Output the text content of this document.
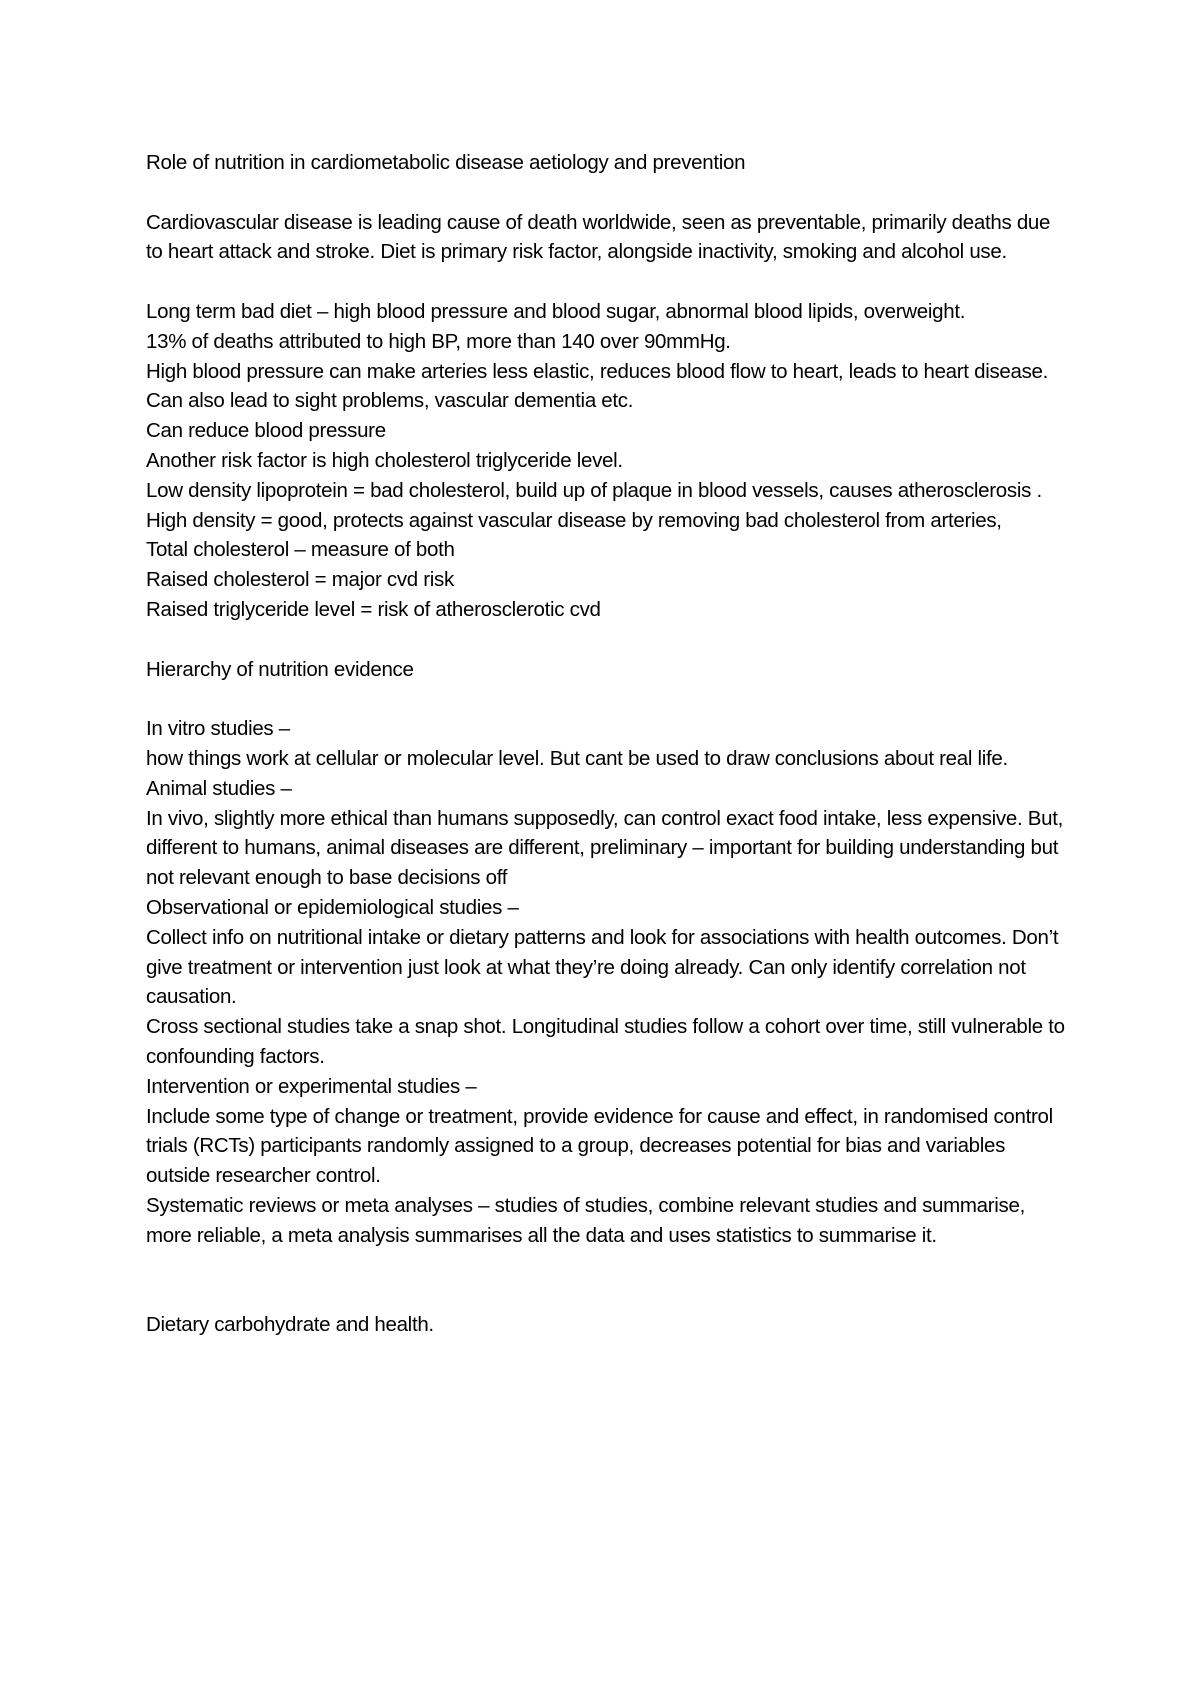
Role of nutrition in cardiometabolic disease aetiology and prevention
Cardiovascular disease is leading cause of death worldwide, seen as preventable, primarily deaths due to heart attack and stroke. Diet is primary risk factor, alongside inactivity, smoking and alcohol use.
Long term bad diet – high blood pressure and blood sugar, abnormal blood lipids, overweight.
13% of deaths attributed to high BP, more than 140 over 90mmHg.
High blood pressure can make arteries less elastic, reduces blood flow to heart, leads to heart disease. Can also lead to sight problems, vascular dementia etc.
Can reduce blood pressure
Another risk factor is high cholesterol triglyceride level.
Low density lipoprotein = bad cholesterol, build up of plaque in blood vessels, causes atherosclerosis .
High density = good, protects against vascular disease by removing bad cholesterol from arteries,
Total cholesterol – measure of both
Raised cholesterol = major cvd risk
Raised triglyceride level = risk of atherosclerotic cvd
Hierarchy of nutrition evidence
In vitro studies –
how things work at cellular or molecular level. But cant be used to draw conclusions about real life.
Animal studies –
In vivo, slightly more ethical than humans supposedly, can control exact food intake, less expensive. But, different to humans, animal diseases are different, preliminary – important for building understanding but not relevant enough to base decisions off
Observational or epidemiological studies –
Collect info on nutritional intake or dietary patterns and look for associations with health outcomes. Don’t give treatment or intervention just look at what they’re doing already. Can only identify correlation not causation.
Cross sectional studies take a snap shot. Longitudinal studies follow a cohort over time, still vulnerable to confounding factors.
Intervention or experimental studies –
Include some type of change or treatment, provide evidence for cause and effect, in randomised control trials (RCTs) participants randomly assigned to a group, decreases potential for bias and variables outside researcher control.
Systematic reviews or meta analyses – studies of studies, combine relevant studies and summarise, more reliable, a meta analysis summarises all the data and uses statistics to summarise it.
Dietary carbohydrate and health.
